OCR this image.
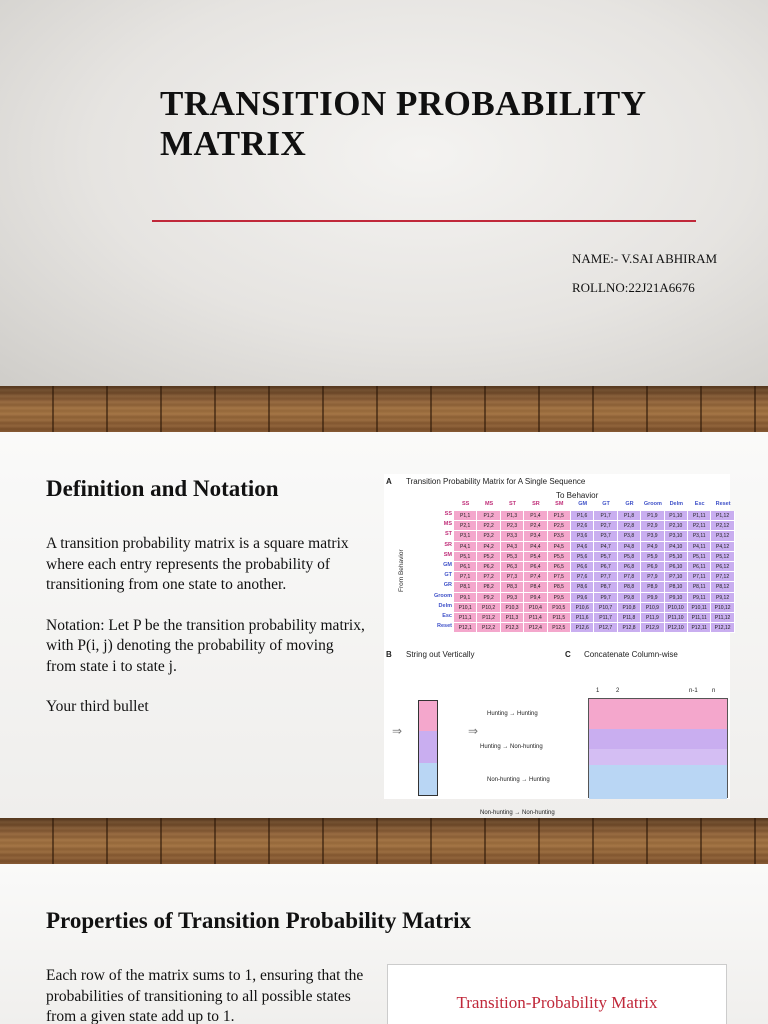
TRANSITION PROBABILITY MATRIX
NAME:- V.SAI ABHIRAM
ROLLNO:22J21A6676
Definition and Notation

A transition probability matrix is a square matrix where each entry represents the probability of transitioning from one state to another.

Notation: Let P be the transition probability matrix, with P(i, j) denoting the probability of moving from state i to state j.

Your third bullet

A Transition Probability Matrix for A Single Sequence
To Behavior
From Behavior
SS	MS	ST	SR	SM	GM	GT	GR	Groom	Delm	Esc	Reset
SS	P1,1	P1,2	P1,3	P1,4	P1,5	P1,6	P1,7	P1,8	P1,9	P1,10	P1,11	P1,12
MS	P2,1	P2,2	P2,3	P2,4	P2,5	P2,6	P2,7	P2,8	P2,9	P2,10	P2,11	P2,12
ST	P3,1	P3,2	P3,3	P3,4	P3,5	P3,6	P3,7	P3,8	P3,9	P3,10	P3,11	P3,12
SR	P4,1	P4,2	P4,3	P4,4	P4,5	P4,6	P4,7	P4,8	P4,9	P4,10	P4,11	P4,12
SM	P5,1	P5,2	P5,3	P5,4	P5,5	P5,6	P5,7	P5,8	P5,9	P5,10	P5,11	P5,12
GM	P6,1	P6,2	P6,3	P6,4	P6,5	P6,6	P6,7	P6,8	P6,9	P6,10	P6,11	P6,12
GT	P7,1	P7,2	P7,3	P7,4	P7,5	P7,6	P7,7	P7,8	P7,9	P7,10	P7,11	P7,12
GR	P8,1	P8,2	P8,3	P8,4	P8,5	P8,6	P8,7	P8,8	P8,9	P8,10	P8,11	P8,12
Groom	P9,1	P9,2	P9,3	P9,4	P9,5	P9,6	P9,7	P9,8	P9,9	P9,10	P9,11	P9,12
Delm	P10,1	P10,2	P10,3	P10,4	P10,5	P10,6	P10,7	P10,8	P10,9	P10,10	P10,11	P10,12
Esc	P11,1	P11,2	P11,3	P11,4	P11,5	P11,6	P11,7	P11,8	P11,9	P11,10	P11,11	P11,12
Reset	P12,1	P12,2	P12,3	P12,4	P12,5	P12,6	P12,7	P12,8	P12,9	P12,10	P12,11	P12,12
B String out Vertically	C Concatenate Column-wise
⇒	⇒
Hunting → Hunting
Hunting → Non-hunting
Non-hunting → Hunting
Non-hunting → Non-hunting
1	2	n-1 n
Properties of Transition Probability Matrix
Each row of the matrix sums to 1, ensuring that the probabilities of transitioning to all possible states from a given state add up to 1.
Transition-Probability Matrix
